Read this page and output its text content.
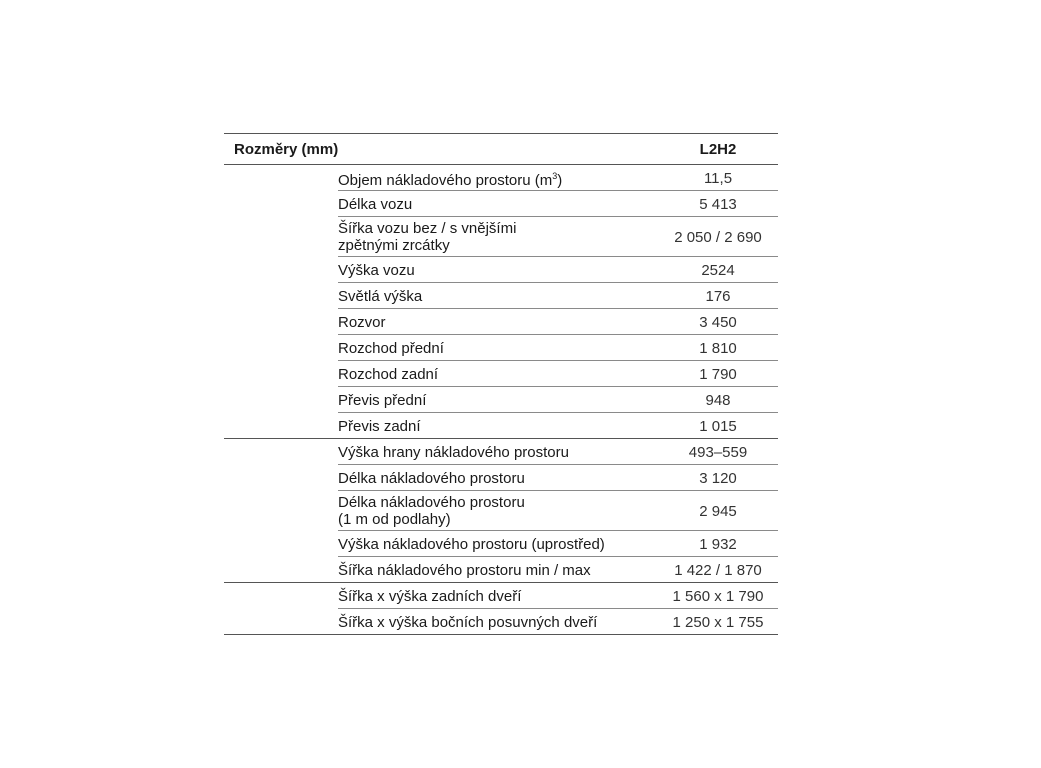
Rozměry (mm)	L2H2
Objem nákladového prostoru $(m^3)$	11,5
Délka vozu	5 413
Šířka vozu bez / s vnějšími
zpětnými zrcátky	2 050 / 2 690
Výška vozu	2524
Světlá výška	176
Rozvor	3 450
Rozchod přední	1 810
Rozchod zadní	1 790
Převis přední	948
Převis zadní	1 015
Výška hrany nákladového prostoru	493–559
Délka nákladového prostoru	3 120
Délka nákladového prostoru
(1 m od podlahy)	2 945
Výška nákladového prostoru (uprostřed)	1 932
Šířka nákladového prostoru min / max	1 422 / 1 870
Šířka x výška zadních dveří	1 560 x 1 790
Šířka x výška bočních posuvných dveří	1 250 x 1 755
